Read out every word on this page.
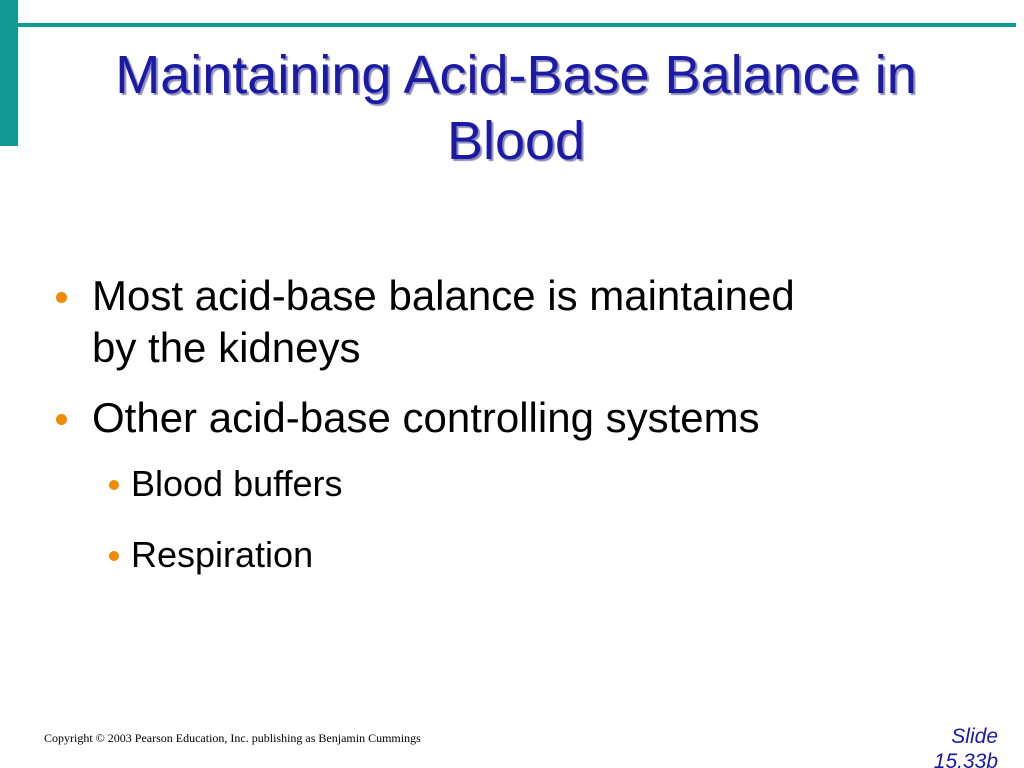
Maintaining Acid-Base Balance in
Blood
Most acid-base balance is maintained
by the kidneys
Other acid-base controlling systems
Blood buffers
Respiration
Copyright © 2003 Pearson Education, Inc. publishing as Benjamin Cummings	Slide
15.33b
